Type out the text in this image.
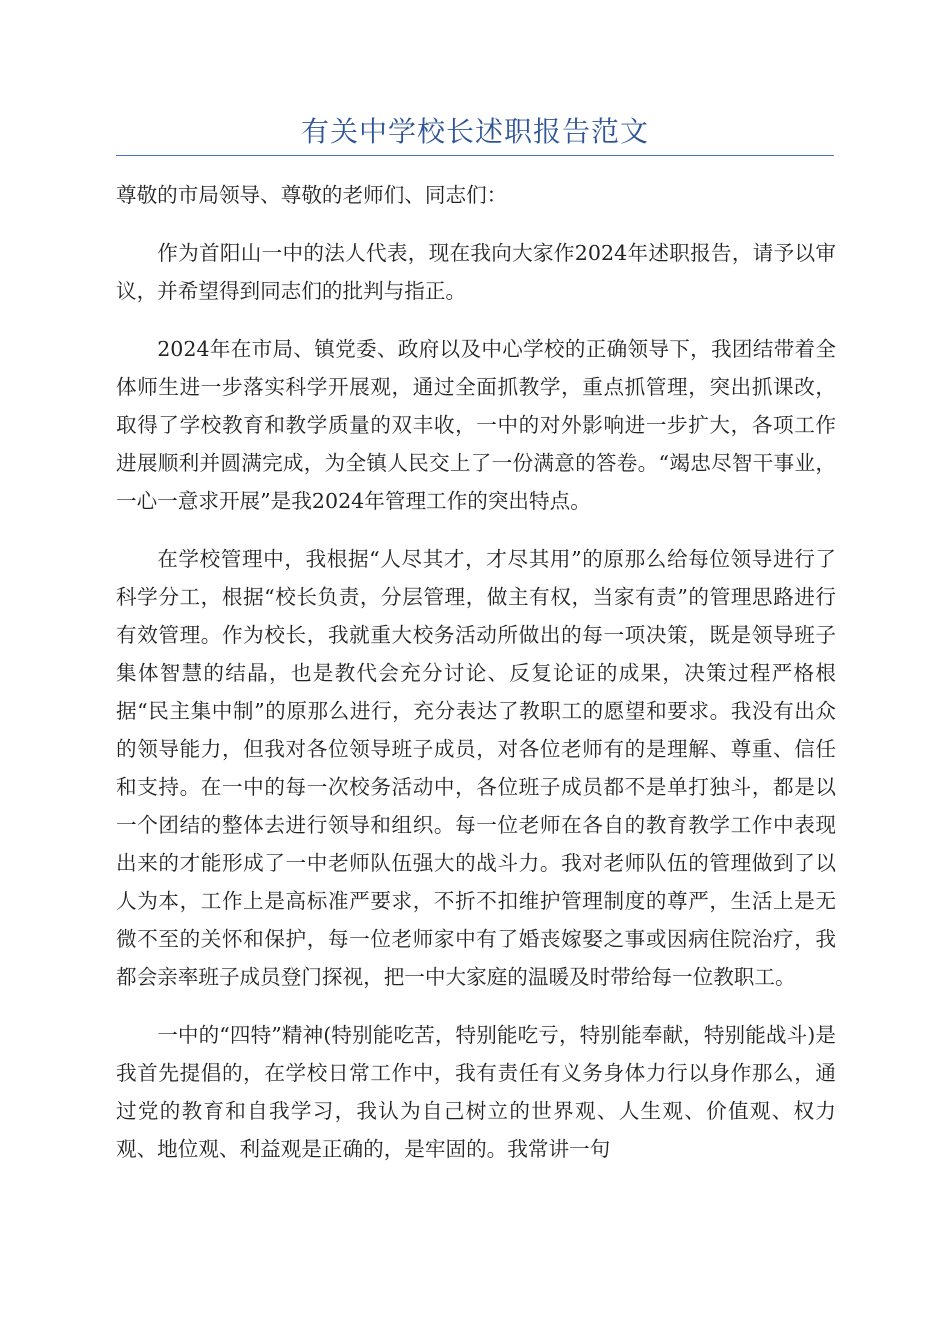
有关中学校长述职报告范文

尊敬的市局领导、尊敬的老师们、同志们：

作为首阳山一中的法人代表，现在我向大家作2024年述职报告，请予以审议，并希望得到同志们的批判与指正。

2024年在市局、镇党委、政府以及中心学校的正确领导下，我团结带着全体师生进一步落实科学开展观，通过全面抓教学，重点抓管理，突出抓课改，取得了学校教育和教学质量的双丰收，一中的对外影响进一步扩大，各项工作进展顺利并圆满完成，为全镇人民交上了一份满意的答卷。“竭忠尽智干事业，一心一意求开展”是我2024年管理工作的突出特点。

在学校管理中，我根据“人尽其才，才尽其用”的原那么给每位领导进行了科学分工，根据“校长负责，分层管理，做主有权，当家有责”的管理思路进行有效管理。作为校长，我就重大校务活动所做出的每一项决策，既是领导班子集体智慧的结晶，也是教代会充分讨论、反复论证的成果，决策过程严格根据“民主集中制”的原那么进行，充分表达了教职工的愿望和要求。我没有出众的领导能力，但我对各位领导班子成员，对各位老师有的是理解、尊重、信任和支持。在一中的每一次校务活动中，各位班子成员都不是单打独斗，都是以一个团结的整体去进行领导和组织。每一位老师在各自的教育教学工作中表现出来的才能形成了一中老师队伍强大的战斗力。我对老师队伍的管理做到了以人为本，工作上是高标准严要求，不折不扣维护管理制度的尊严，生活上是无微不至的关怀和保护，每一位老师家中有了婚丧嫁娶之事或因病住院治疗，我都会亲率班子成员登门探视，把一中大家庭的温暖及时带给每一位教职工。

一中的“四特”精神(特别能吃苦，特别能吃亏，特别能奉献，特别能战斗)是我首先提倡的，在学校日常工作中，我有责任有义务身体力行以身作那么，通过党的教育和自我学习，我认为自己树立的世界观、人生观、价值观、权力观、地位观、利益观是正确的，是牢固的。我常讲一句
